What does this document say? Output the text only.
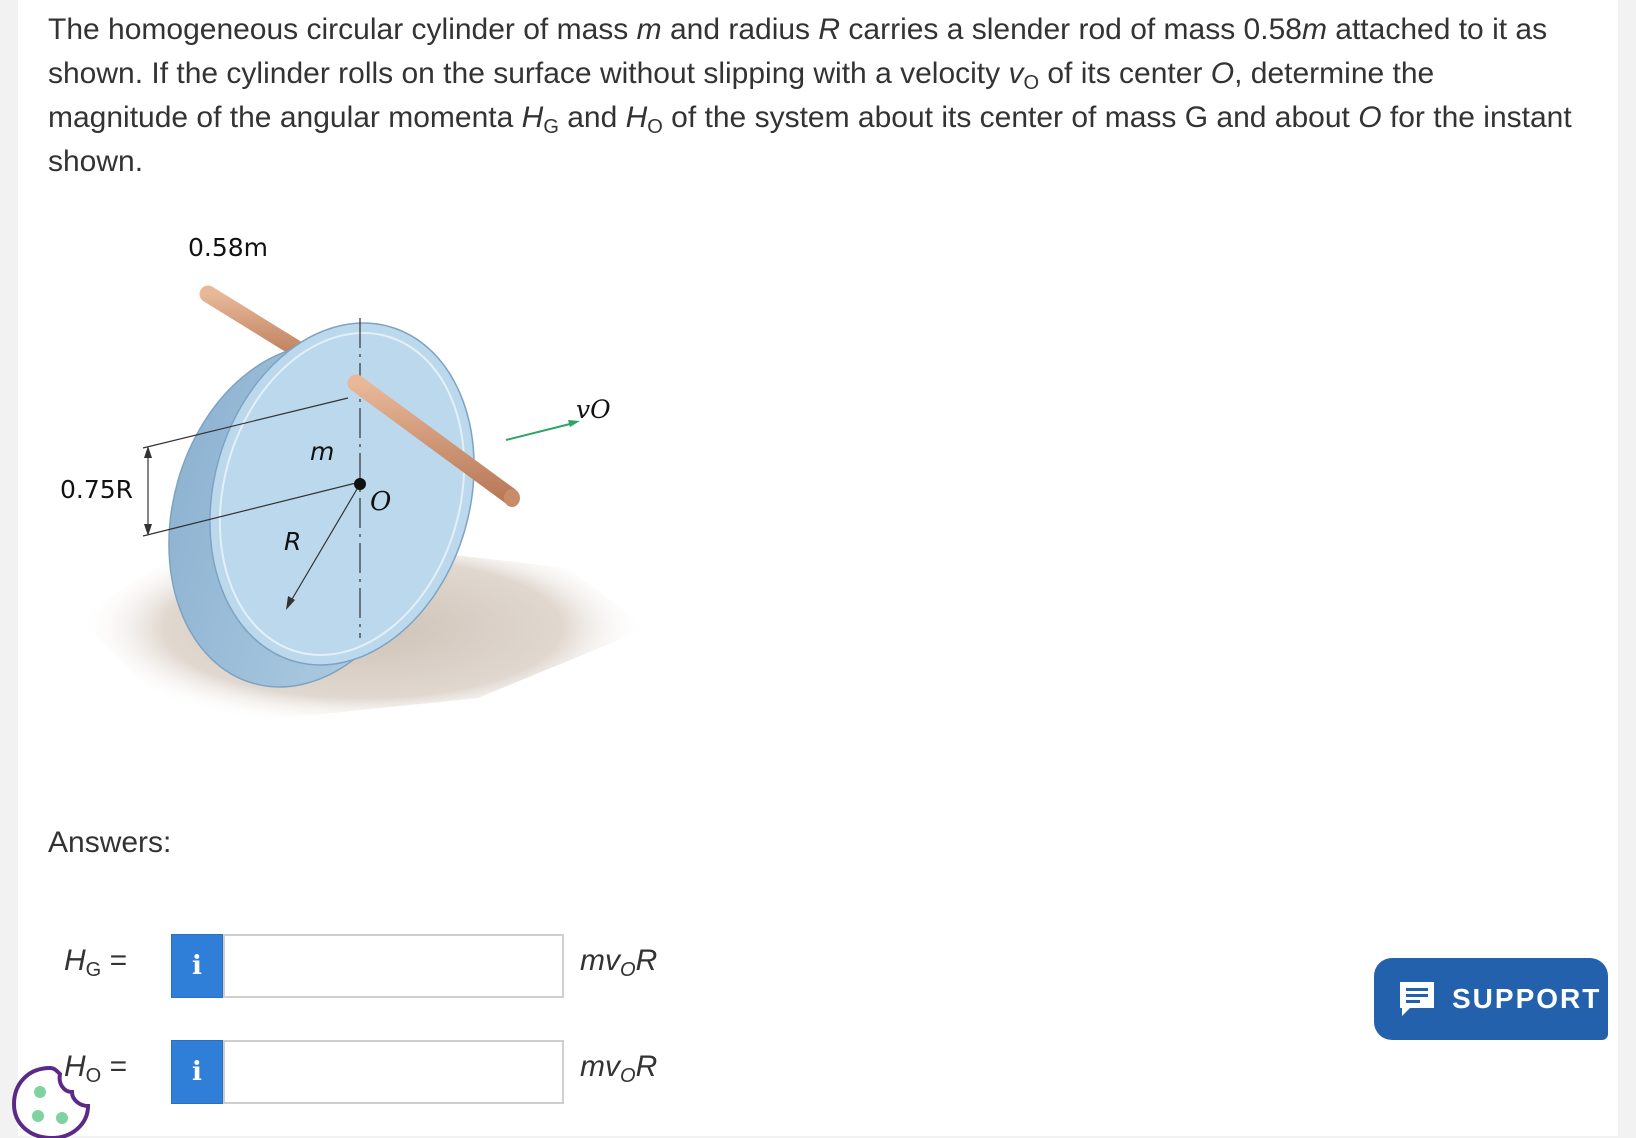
The homogeneous circular cylinder of mass m and radius R carries a slender rod of mass 0.58m attached to it as shown. If the cylinder rolls on the surface without slipping with a velocity $v_O$ of its center O, determine the magnitude of the angular momenta $H_G$ and $H_O$ of the system about its center of mass G and about O for the instant shown.

0.58m
0.75R
vO
m
R
O
Answers:
$H_G$ =	i	$mv_OR$
$H_O$ =	i	$mv_OR$
SUPPORT
